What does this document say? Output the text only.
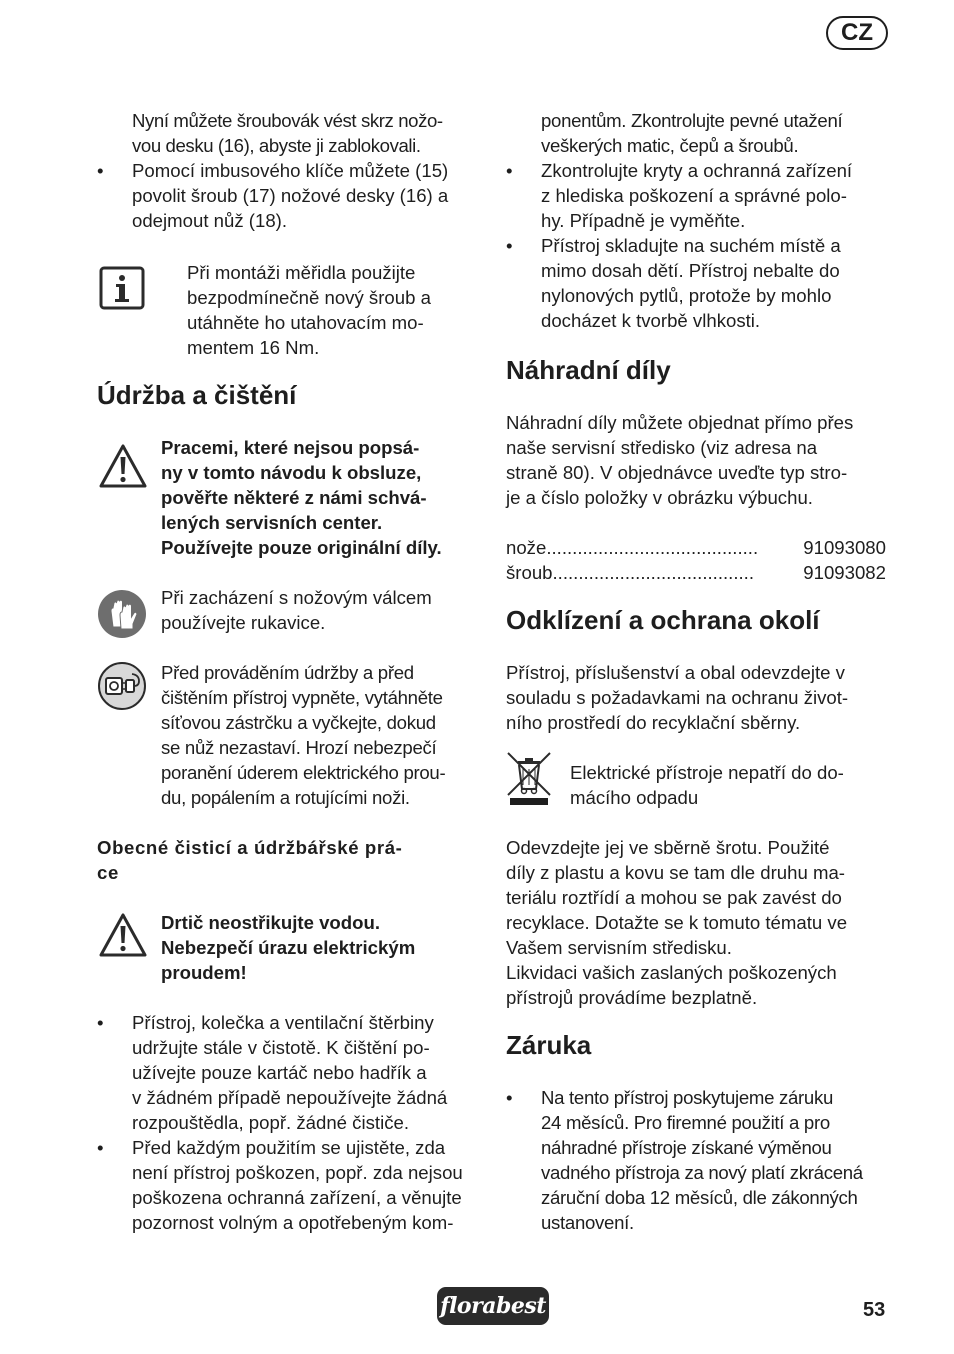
CZ
Nyní můžete šroubovák vést skrz nožo-
vou desku (16), abyste ji zablokovali.
• Pomocí imbusového klíče můžete (15)
povolit šroub (17) nožové desky (16) a
odejmout nůž (18).
Při montáži měřidla použijte
bezpodmínečně nový šroub a
utáhněte ho utahovacím mo-
mentem 16 Nm.
Údržba a čištění
Pracemi, které nejsou popsá-
ny v tomto návodu k obsluze,
pověřte některé z námi schvá-
lených servisních center.
Používejte pouze originální díly.
Při zacházení s nožovým válcem
používejte rukavice.
Před prováděním údržby a před
čištěním přístroj vypněte, vytáhněte
síťovou zástrčku a vyčkejte, dokud
se nůž nezastaví. Hrozí nebezpečí
poranění úderem elektrického prou-
du, popálením a rotujícími noži.
Obecné čisticí a údržbářské prá-
ce
Drtič neostřikujte vodou.
Nebezpečí úrazu elektrickým
proudem!
• Přístroj, kolečka a ventilační štěrbiny
udržujte stále v čistotě. K čištění po-
užívejte pouze kartáč nebo hadřík a
v žádném případě nepoužívejte žádná
rozpouštědla, popř. žádné čističe.
• Před každým použitím se ujistěte, zda
není přístroj poškozen, popř. zda nejsou
poškozena ochranná zařízení, a věnujte
pozornost volným a opotřebeným kom-
ponentům. Zkontrolujte pevné utažení
veškerých matic, čepů a šroubů.
• Zkontrolujte kryty a ochranná zařízení
z hlediska poškození a správné polo-
hy. Případně je vyměňte.
• Přístroj skladujte na suchém místě a
mimo dosah dětí. Přístroj nebalte do
nylonových pytlů, protože by mohlo
docházet k tvorbě vlhkosti.
Náhradní díly
Náhradní díly můžete objednat přímo přes
naše servisní středisko (viz adresa na
straně 80). V objednávce uveďte typ stro-
je a číslo položky v obrázku výbuchu.
nože .........................................	91093080
šroub .......................................	91093082
Odklízení a ochrana okolí
Přístroj, příslušenství a obal odevzdejte v
souladu s požadavkami na ochranu život-
ního prostředí do recyklační sběrny.
Elektrické přístroje nepatří do do-
mácího odpadu
Odevzdejte jej ve sběrně šrotu. Použité
díly z plastu a kovu se tam dle druhu ma-
teriálu roztřídí a mohou se pak zavést do
recyklace. Dotažte se k tomuto tématu ve
Vašem servisním středisku.
Likvidaci vašich zaslaných poškozených
přístrojů provádíme bezplatně.
Záruka
• Na tento přístroj poskytujeme záruku
24 měsíců. Pro firemné použití a pro
náhradné přístroje získané výměnou
vadného přístroja za nový platí zkrácená
záruční doba 12 měsíců, dle zákonných
ustanovení.
florabest	53
